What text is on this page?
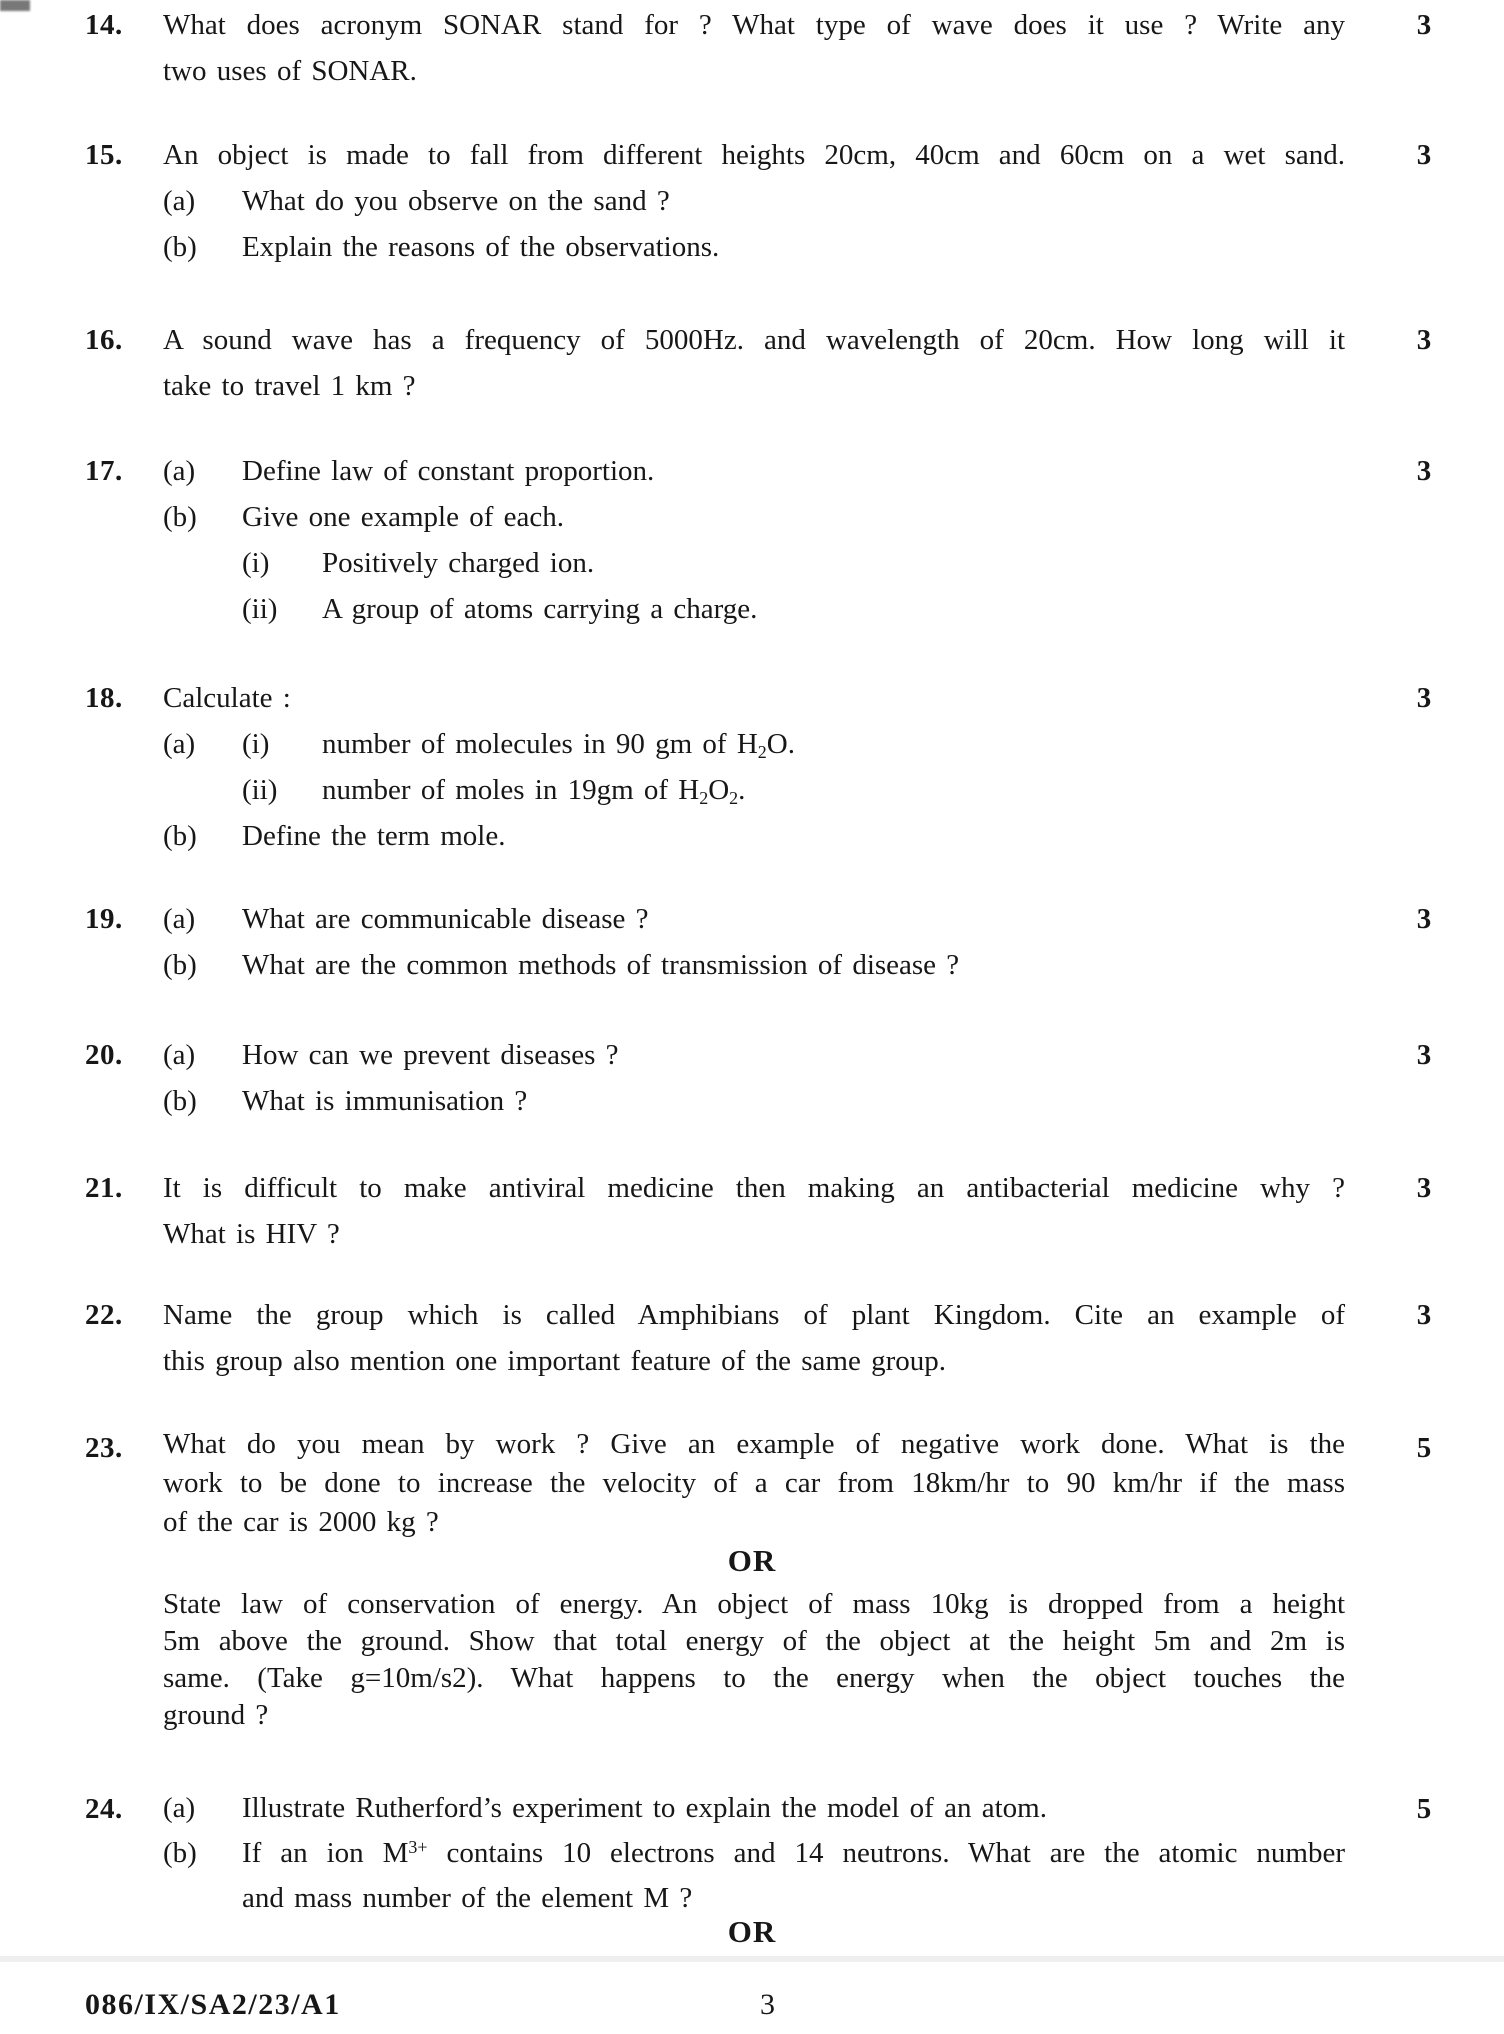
14.	3
What does acronym SONAR stand for ? What type of wave does it use ? Write any
two uses of SONAR.
15.	3
An object is made to fall from different heights 20cm, 40cm and 60cm on a wet sand.
(a)	What do you observe on the sand ?
(b)	Explain the reasons of the observations.
16.	3
A sound wave has a frequency of 5000Hz. and wavelength of 20cm. How long will it
take to travel 1 km ?
17.	3
(a)	Define law of constant proportion.
(b)	Give one example of each.
(i)	Positively charged ion.
(ii)	A group of atoms carrying a charge.
18.	3
Calculate :
(a)	(i)	number of molecules in 90 gm of $H_2O$.
(ii)	number of moles in 19gm of $H_2O_2$.
(b)	Define the term mole.
19.	3
(a)	What are communicable disease ?
(b)	What are the common methods of transmission of disease ?
20.	3
(a)	How can we prevent diseases ?
(b)	What is immunisation ?
21.	3
It is difficult to make antiviral medicine then making an antibacterial medicine why ?
What is HIV ?
22.	3
Name the group which is called Amphibians of plant Kingdom. Cite an example of
this group also mention one important feature of the same group.
23.	5
What do you mean by work ? Give an example of negative work done. What is the
work to be done to increase the velocity of a car from 18km/hr to 90 km/hr if the mass
of the car is 2000 kg ?
OR
State law of conservation of energy. An object of mass 10kg is dropped from a height
5m above the ground. Show that total energy of the object at the height 5m and 2m is
same. (Take g=10m/s2). What happens to the energy when the object touches the
ground ?
24.	5
(a)	Illustrate Rutherford’s experiment to explain the model of an atom.
(b)	If an ion $M^{3+}$ contains 10 electrons and 14 neutrons. What are the atomic number
and mass number of the element M ?
OR
086/IX/SA2/23/A1	3
